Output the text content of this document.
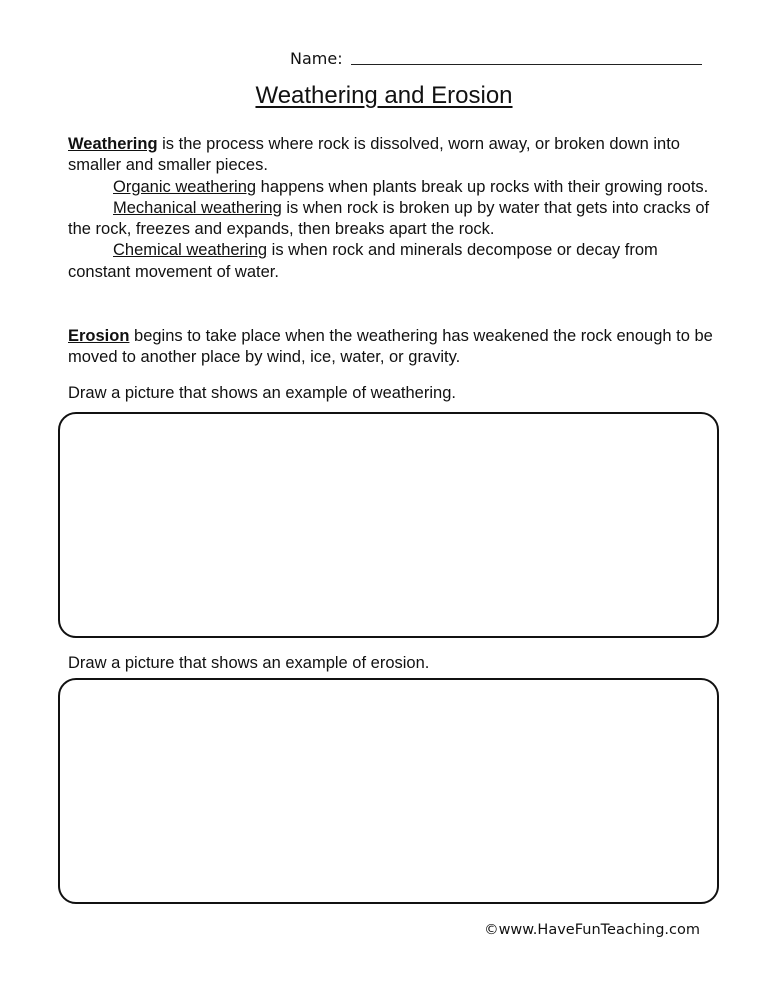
Name:
Weathering and Erosion
Weathering is the process where rock is dissolved, worn away, or broken down into smaller and smaller pieces.
Organic weathering happens when plants break up rocks with their growing roots.
Mechanical weathering is when rock is broken up by water that gets into cracks of the rock, freezes and expands, then breaks apart the rock.
Chemical weathering is when rock and minerals decompose or decay from constant movement of water.
Erosion begins to take place when the weathering has weakened the rock enough to be moved to another place by wind, ice, water, or gravity.
Draw a picture that shows an example of weathering.
Draw a picture that shows an example of erosion.
©www.HaveFunTeaching.com
